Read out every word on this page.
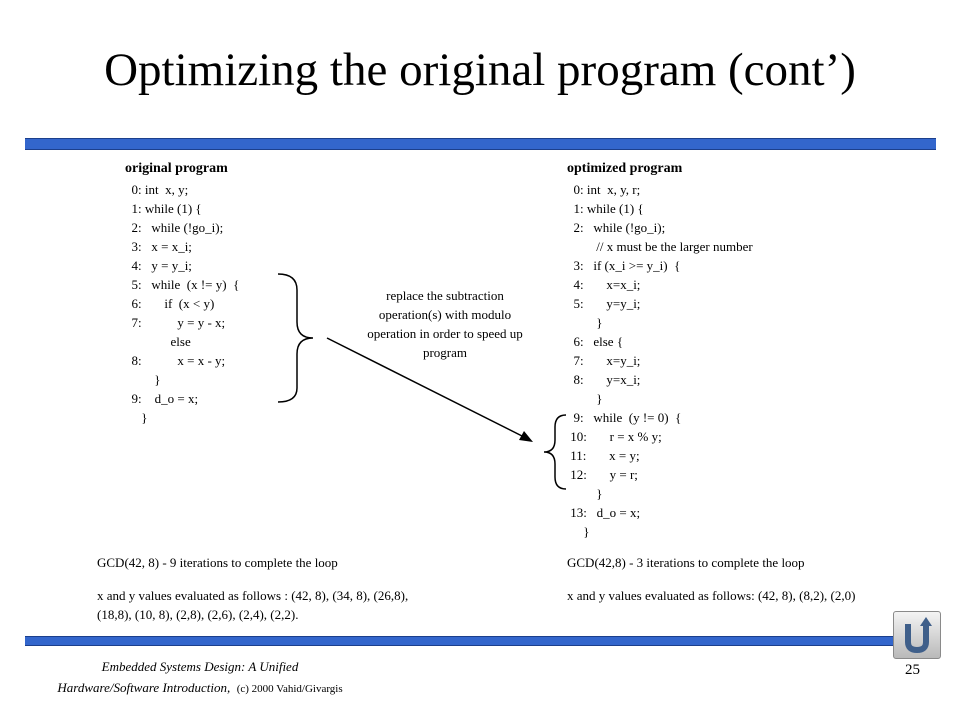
Optimizing the original program (cont’)
original program
0: int  x, y;
1: while (1) {
2:   while (!go_i);
3:   x = x_i;
4:   y = y_i;
5:   while  (x != y)  {
6:       if  (x < y)
7:           y = y - x;
else
8:           x = x - y;
}
9:    d_o = x;
}
optimized program
0: int  x, y, r;
1: while (1) {
2:   while (!go_i);
// x must be the larger number
3:   if (x_i >= y_i)  {
4:       x=x_i;
5:       y=y_i;
}
6:   else {
7:       x=y_i;
8:       y=x_i;
}
9:   while  (y != 0)  {
10:       r = x % y;
11:       x = y;
12:       y = r;
}
13:   d_o = x;
}
replace the subtraction operation(s) with modulo operation in order to speed up program
GCD(42, 8) - 9 iterations to complete the loop
x and y values evaluated as follows : (42, 8), (34, 8), (26,8), (18,8), (10, 8), (2,8), (2,6), (2,4), (2,2).
GCD(42,8) - 3 iterations to complete the loop
x and y values evaluated as follows: (42, 8), (8,2), (2,0)
Embedded Systems Design: A Unified
Hardware/Software Introduction, (c) 2000 Vahid/Givargis
25
